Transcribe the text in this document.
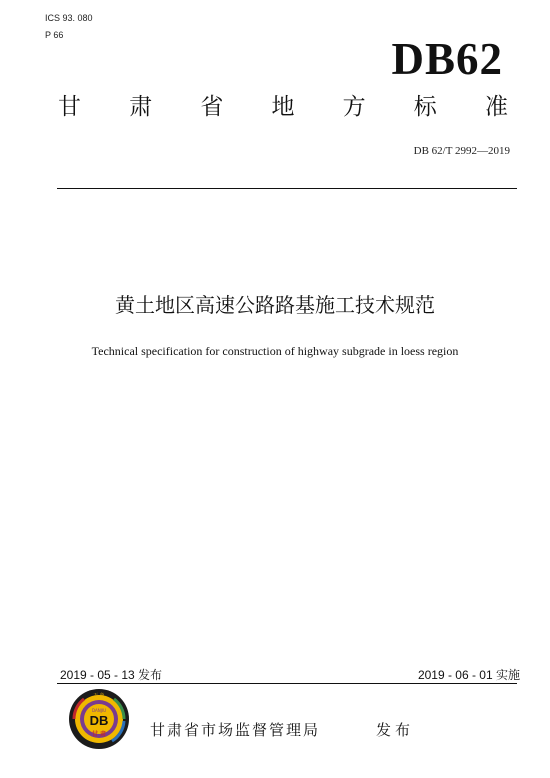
ICS 93. 080
P 66	DB62
甘 肃 省 地 方 标 准
DB 62/T 2992—2019
黄土地区高速公路路基施工技术规范
Technical specification for construction of highway subgrade in loess region
2019 - 05 - 13 发布	2019 - 06 - 01 实施
万 象
DANJIU
DB
甘 肃	甘肃省市场监督管理局	发布
